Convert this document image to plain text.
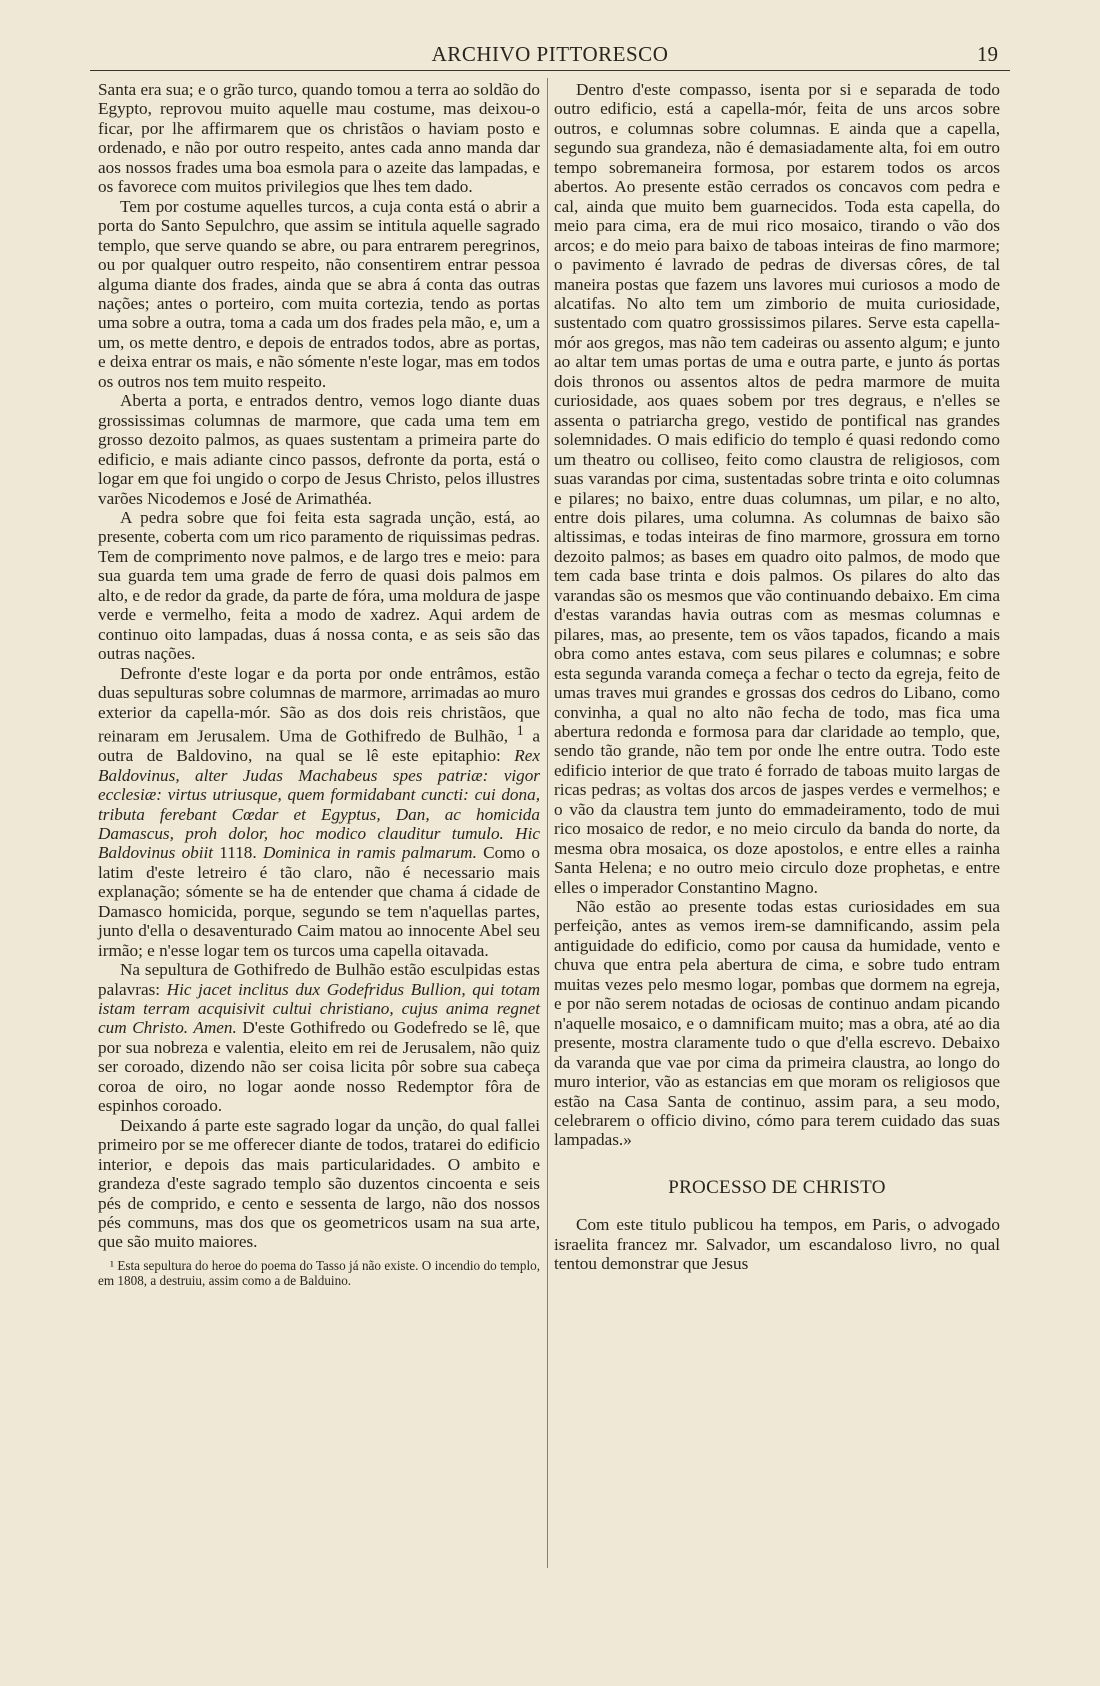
ARCHIVO PITTORESCO	19

Santa era sua; e o grão turco, quando tomou a terra ao soldão do Egypto, reprovou muito aquelle mau costume, mas deixou-o ficar, por lhe affirmarem que os christãos o haviam posto e ordenado, e não por outro respeito, antes cada anno manda dar aos nossos frades uma boa esmola para o azeite das lampadas, e os favorece com muitos privilegios que lhes tem dado.

Tem por costume aquelles turcos, a cuja conta está o abrir a porta do Santo Sepulchro, que assim se intitula aquelle sagrado templo, que serve quando se abre, ou para entrarem peregrinos, ou por qualquer outro respeito, não consentirem entrar pessoa alguma diante dos frades, ainda que se abra á conta das outras nações; antes o porteiro, com muita cortezia, tendo as portas uma sobre a outra, toma a cada um dos frades pela mão, e, um a um, os mette dentro, e depois de entrados todos, abre as portas, e deixa entrar os mais, e não sómente n'este logar, mas em todos os outros nos tem muito respeito.

Aberta a porta, e entrados dentro, vemos logo diante duas grossissimas columnas de marmore, que cada uma tem em grosso dezoito palmos, as quaes sustentam a primeira parte do edificio, e mais adiante cinco passos, defronte da porta, está o logar em que foi ungido o corpo de Jesus Christo, pelos illustres varões Nicodemos e José de Arimathéa.

A pedra sobre que foi feita esta sagrada unção, está, ao presente, coberta com um rico paramento de riquissimas pedras. Tem de comprimento nove palmos, e de largo tres e meio: para sua guarda tem uma grade de ferro de quasi dois palmos em alto, e de redor da grade, da parte de fóra, uma moldura de jaspe verde e vermelho, feita a modo de xadrez. Aqui ardem de continuo oito lampadas, duas á nossa conta, e as seis são das outras nações.

Defronte d'este logar e da porta por onde entrâmos, estão duas sepulturas sobre columnas de marmore, arrimadas ao muro exterior da capella-mór. São as dos dois reis christãos, que reinaram em Jerusalem. Uma de Gothifredo de Bulhão, $^1$ a outra de Baldovino, na qual se lê este epitaphio: Rex Baldovinus, alter Judas Machabeus spes patriæ: vigor ecclesiæ: virtus utriusque, quem formidabant cuncti: cui dona, tributa ferebant Cœdar et Egyptus, Dan, ac homicida Damascus, proh dolor, hoc modico clauditur tumulo. Hic Baldovinus obiit 1118. Dominica in ramis palmarum. Como o latim d'este letreiro é tão claro, não é necessario mais explanação; sómente se ha de entender que chama á cidade de Damasco homicida, porque, segundo se tem n'aquellas partes, junto d'ella o desaventurado Caim matou ao innocente Abel seu irmão; e n'esse logar tem os turcos uma capella oitavada.

Na sepultura de Gothifredo de Bulhão estão esculpidas estas palavras: Hic jacet inclitus dux Godefridus Bullion, qui totam istam terram acquisivit cultui christiano, cujus anima regnet cum Christo. Amen. D'este Gothifredo ou Godefredo se lê, que por sua nobreza e valentia, eleito em rei de Jerusalem, não quiz ser coroado, dizendo não ser coisa licita pôr sobre sua cabeça coroa de oiro, no logar aonde nosso Redemptor fôra de espinhos coroado.

Deixando á parte este sagrado logar da unção, do qual fallei primeiro por se me offerecer diante de todos, tratarei do edificio interior, e depois das mais particularidades. O ambito e grandeza d'este sagrado templo são duzentos cincoenta e seis pés de comprido, e cento e sessenta de largo, não dos nossos pés communs, mas dos que os geometricos usam na sua arte, que são muito maiores.

¹ Esta sepultura do heroe do poema do Tasso já não existe. O incendio do templo, em 1808, a destruiu, assim como a de Balduino.

Dentro d'este compasso, isenta por si e separada de todo outro edificio, está a capella-mór, feita de uns arcos sobre outros, e columnas sobre columnas. E ainda que a capella, segundo sua grandeza, não é demasiadamente alta, foi em outro tempo sobremaneira formosa, por estarem todos os arcos abertos. Ao presente estão cerrados os concavos com pedra e cal, ainda que muito bem guarnecidos. Toda esta capella, do meio para cima, era de mui rico mosaico, tirando o vão dos arcos; e do meio para baixo de taboas inteiras de fino marmore; o pavimento é lavrado de pedras de diversas côres, de tal maneira postas que fazem uns lavores mui curiosos a modo de alcatifas. No alto tem um zimborio de muita curiosidade, sustentado com quatro grossissimos pilares. Serve esta capella-mór aos gregos, mas não tem cadeiras ou assento algum; e junto ao altar tem umas portas de uma e outra parte, e junto ás portas dois thronos ou assentos altos de pedra marmore de muita curiosidade, aos quaes sobem por tres degraus, e n'elles se assenta o patriarcha grego, vestido de pontifical nas grandes solemnidades. O mais edificio do templo é quasi redondo como um theatro ou colliseo, feito como claustra de religiosos, com suas varandas por cima, sustentadas sobre trinta e oito columnas e pilares; no baixo, entre duas columnas, um pilar, e no alto, entre dois pilares, uma columna. As columnas de baixo são altissimas, e todas inteiras de fino marmore, grossura em torno dezoito palmos; as bases em quadro oito palmos, de modo que tem cada base trinta e dois palmos. Os pilares do alto das varandas são os mesmos que vão continuando debaixo. Em cima d'estas varandas havia outras com as mesmas columnas e pilares, mas, ao presente, tem os vãos tapados, ficando a mais obra como antes estava, com seus pilares e columnas; e sobre esta segunda varanda começa a fechar o tecto da egreja, feito de umas traves mui grandes e grossas dos cedros do Libano, como convinha, a qual no alto não fecha de todo, mas fica uma abertura redonda e formosa para dar claridade ao templo, que, sendo tão grande, não tem por onde lhe entre outra. Todo este edificio interior de que trato é forrado de taboas muito largas de ricas pedras; as voltas dos arcos de jaspes verdes e vermelhos; e o vão da claustra tem junto do emmadeiramento, todo de mui rico mosaico de redor, e no meio circulo da banda do norte, da mesma obra mosaica, os doze apostolos, e entre elles a rainha Santa Helena; e no outro meio circulo doze prophetas, e entre elles o imperador Constantino Magno.

Não estão ao presente todas estas curiosidades em sua perfeição, antes as vemos irem-se damnificando, assim pela antiguidade do edificio, como por causa da humidade, vento e chuva que entra pela abertura de cima, e sobre tudo entram muitas vezes pelo mesmo logar, pombas que dormem na egreja, e por não serem notadas de ociosas de continuo andam picando n'aquelle mosaico, e o damnificam muito; mas a obra, até ao dia presente, mostra claramente tudo o que d'ella escrevo. Debaixo da varanda que vae por cima da primeira claustra, ao longo do muro interior, vão as estancias em que moram os religiosos que estão na Casa Santa de continuo, assim para, a seu modo, celebrarem o officio divino, cómo para terem cuidado das suas lampadas.»

PROCESSO DE CHRISTO

Com este titulo publicou ha tempos, em Paris, o advogado israelita francez mr. Salvador, um escandaloso livro, no qual tentou demonstrar que Jesus
